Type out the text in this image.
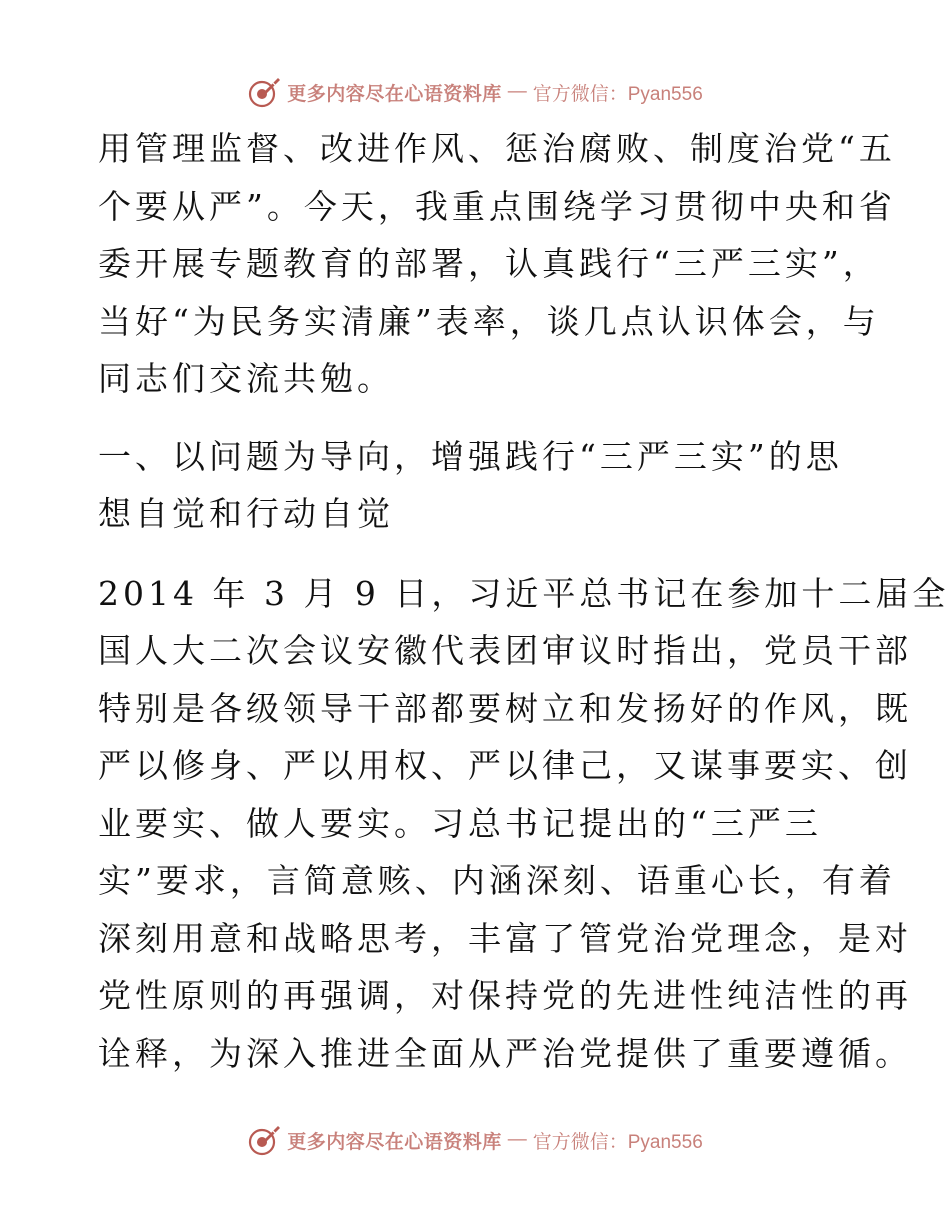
更多内容尽在心语资料库 — 官方微信：Pyan556

用管理监督、改进作风、惩治腐败、制度治党“五

个要从严”。今天，我重点围绕学习贯彻中央和省

委开展专题教育的部署，认真践行“三严三实”，

当好“为民务实清廉”表率，谈几点认识体会，与

同志们交流共勉。

一、以问题为导向，增强践行“三严三实”的思

想自觉和行动自觉

2014 年 3 月 9 日，习近平总书记在参加十二届全

国人大二次会议安徽代表团审议时指出，党员干部

特别是各级领导干部都要树立和发扬好的作风，既

严以修身、严以用权、严以律己，又谋事要实、创

业要实、做人要实。习总书记提出的“三严三

实”要求，言简意赅、内涵深刻、语重心长，有着

深刻用意和战略思考，丰富了管党治党理念，是对

党性原则的再强调，对保持党的先进性纯洁性的再

诠释，为深入推进全面从严治党提供了重要遵循。

更多内容尽在心语资料库 — 官方微信：Pyan556
